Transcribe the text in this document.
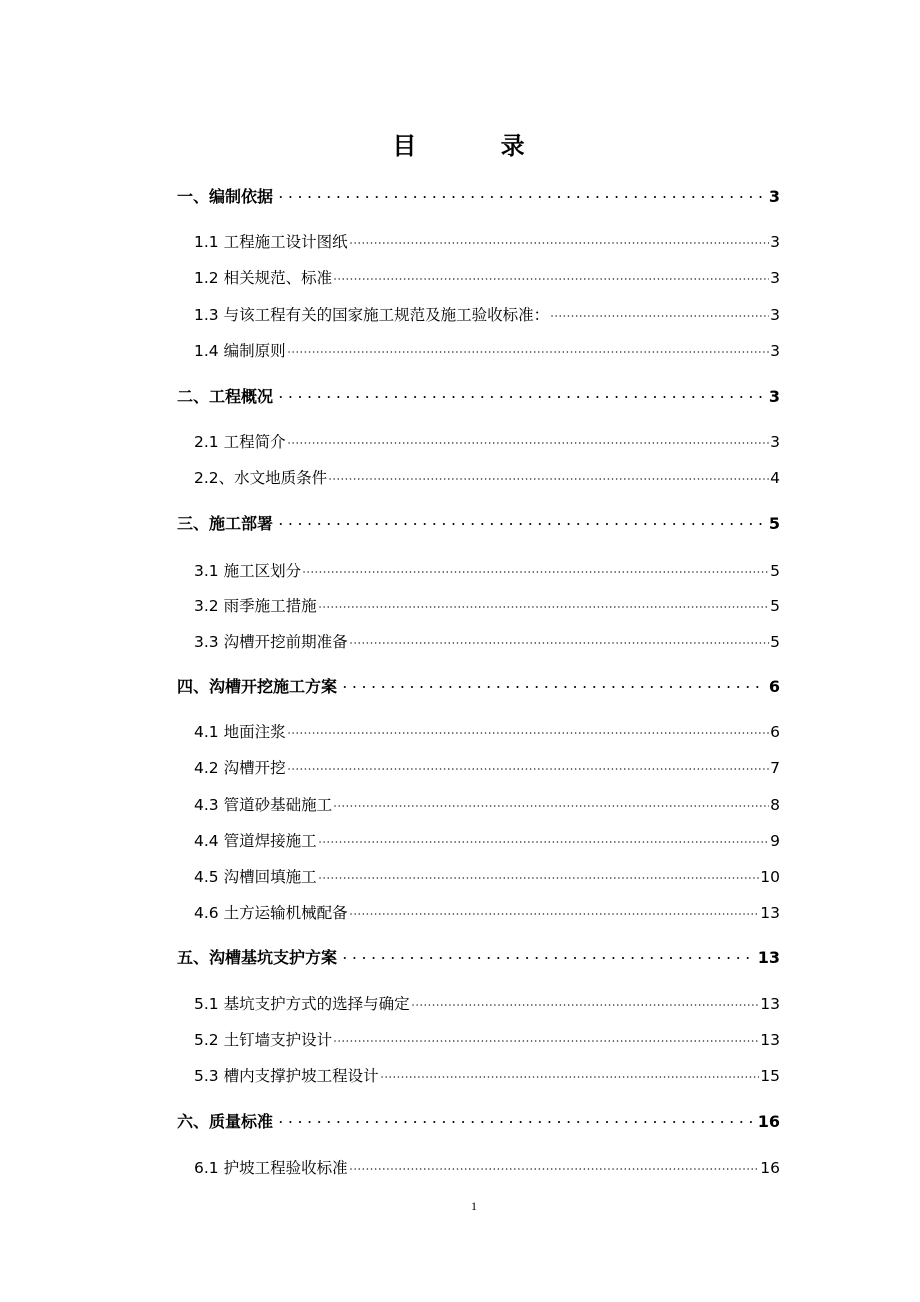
目 录
一、编制依据	3
1.1 工程施工设计图纸	3
1.2 相关规范、标准	3
1.3 与该工程有关的国家施工规范及施工验收标准：	3
1.4 编制原则	3
二、工程概况	3
2.1 工程简介	3
2.2、水文地质条件	4
三、施工部署	5
3.1 施工区划分	5
3.2 雨季施工措施	5
3.3 沟槽开挖前期准备	5
四、沟槽开挖施工方案	6
4.1 地面注浆	6
4.2 沟槽开挖	7
4.3 管道砂基础施工	8
4.4 管道焊接施工	9
4.5 沟槽回填施工	10
4.6 土方运输机械配备	13
五、沟槽基坑支护方案	13
5.1 基坑支护方式的选择与确定	13
5.2 土钉墙支护设计	13
5.3 槽内支撑护坡工程设计	15
六、质量标准	16
6.1 护坡工程验收标准	16
1
